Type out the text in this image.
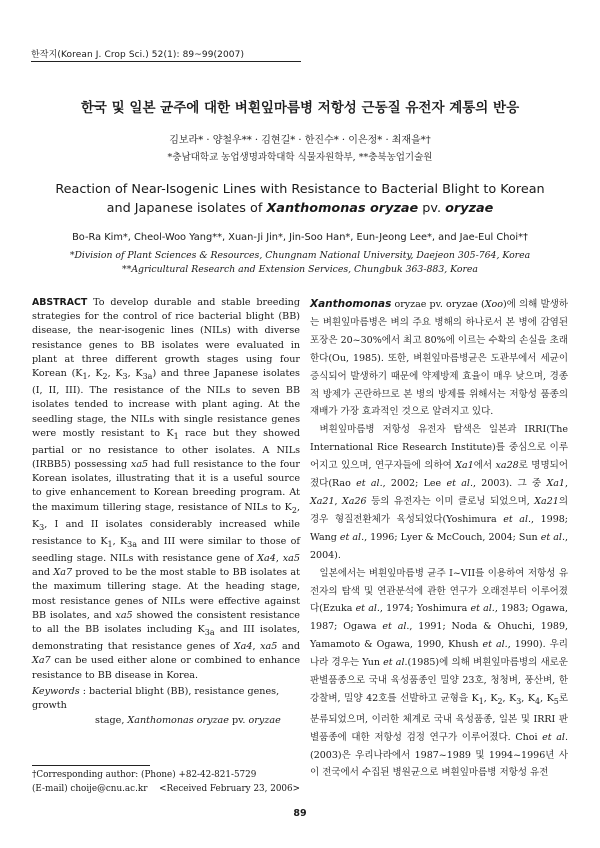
한작지(Korean J. Crop Sci.) 52(1): 89~99(2007)
한국 및 일본 균주에 대한 벼흰잎마름병 저항성 근동질 유전자 계통의 반응
김보라* · 양철우** · 김현길* · 한진수* · 이은정* · 최재을*†
*충남대학교 농업생명과학대학 식물자원학부, **충북농업기술원
Reaction of Near-Isogenic Lines with Resistance to Bacterial Blight to Korean
and Japanese isolates of Xanthomonas oryzae pv. oryzae
Bo-Ra Kim*, Cheol-Woo Yang**, Xuan-Ji Jin*, Jin-Soo Han*, Eun-Jeong Lee*, and Jae-Eul Choi*†
*Division of Plant Sciences & Resources, Chungnam National University, Daejeon 305-764, Korea
**Agricultural Research and Extension Services, Chungbuk 363-883, Korea
ABSTRACT To develop durable and stable breeding strategies for the control of rice bacterial blight (BB) disease, the near-isogenic lines (NILs) with diverse resistance genes to BB isolates were evaluated in plant at three different growth stages using four Korean ($K_1$, $K_2$, $K_3$, $K_{3a}$) and three Japanese isolates (I, II, III). The resistance of the NILs to seven BB isolates tended to increase with plant aging. At the seedling stage, the NILs with single resistance genes were mostly resistant to $K_1$ race but they showed partial or no resistance to other isolates. A NILs (IRBB5) possessing xa5 had full resistance to the four Korean isolates, illustrating that it is a useful source to give enhancement to Korean breeding program. At the maximum tillering stage, resistance of NILs to $K_2$, $K_3$, I and II isolates considerably increased while resistance to $K_1$, $K_{3a}$ and III were similar to those of seedling stage. NILs with resistance gene of Xa4, xa5 and Xa7 proved to be the most stable to BB isolates at the maximum tillering stage. At the heading stage, most resistance genes of NILs were effective against BB isolates, and xa5 showed the consistent resistance to all the BB isolates including $K_{3a}$ and III isolates, demonstrating that resistance genes of Xa4, xa5 and Xa7 can be used either alone or combined to enhance resistance to BB disease in Korea.
Keywords : bacterial blight (BB), resistance genes, growth
stage, Xanthomonas oryzae pv. oryzae
†Corresponding author: (Phone) +82-42-821-5729
(E-mail) choije@cnu.ac.kr <Received February 23, 2006>

Xanthomonas oryzae pv. oryzae (Xoo)에 의해 발생하는 벼흰잎마름병은 벼의 주요 병해의 하나로서 본 병에 감염된 포장은 20~30%에서 최고 80%에 이르는 수확의 손실을 초래한다(Ou, 1985). 또한, 벼흰잎마름병균은 도관부에서 세균이 증식되어 발생하기 때문에 약제방제 효율이 매우 낮으며, 경종적 방제가 곤란하므로 본 병의 방제를 위해서는 저항성 품종의 재배가 가장 효과적인 것으로 알려지고 있다.

벼흰잎마름병 저항성 유전자 탐색은 일본과 IRRI(The International Rice Research Institute)를 중심으로 이루어지고 있으며, 연구자들에 의하여 Xa1에서 xa28로 명명되어졌다(Rao et al., 2002; Lee et al., 2003). 그 중 Xa1, Xa21, Xa26 등의 유전자는 이미 클로닝 되었으며, Xa21의 경우 형질전환체가 육성되었다(Yoshimura et al., 1998; Wang et al., 1996; Lyer & McCouch, 2004; Sun et al., 2004).

일본에서는 벼흰잎마름병 균주 I~VII를 이용하여 저항성 유전자의 탐색 및 연관분석에 관한 연구가 오래전부터 이루어졌다(Ezuka et al., 1974; Yoshimura et al., 1983; Ogawa, 1987; Ogawa et al., 1991; Noda & Ohuchi, 1989, Yamamoto & Ogawa, 1990, Khush et al., 1990). 우리나라 경우는 Yun et al.(1985)에 의해 벼흰잎마름병의 새로운 판별품종으로 국내 육성품종인 밀양 23호, 청청벼, 풍산벼, 한강찰벼, 밀양 42호를 선발하고 균형을 $K_1$, $K_2$, $K_3$, $K_4$, $K_5$로 분류되었으며, 이러한 체계로 국내 육성품종, 일본 및 IRRI 판별품종에 대한 저항성 검정 연구가 이루어졌다. Choi et al.(2003)은 우리나라에서 1987~1989 및 1994~1996년 사이 전국에서 수집된 병원균으로 벼흰잎마름병 저항성 유전

89
